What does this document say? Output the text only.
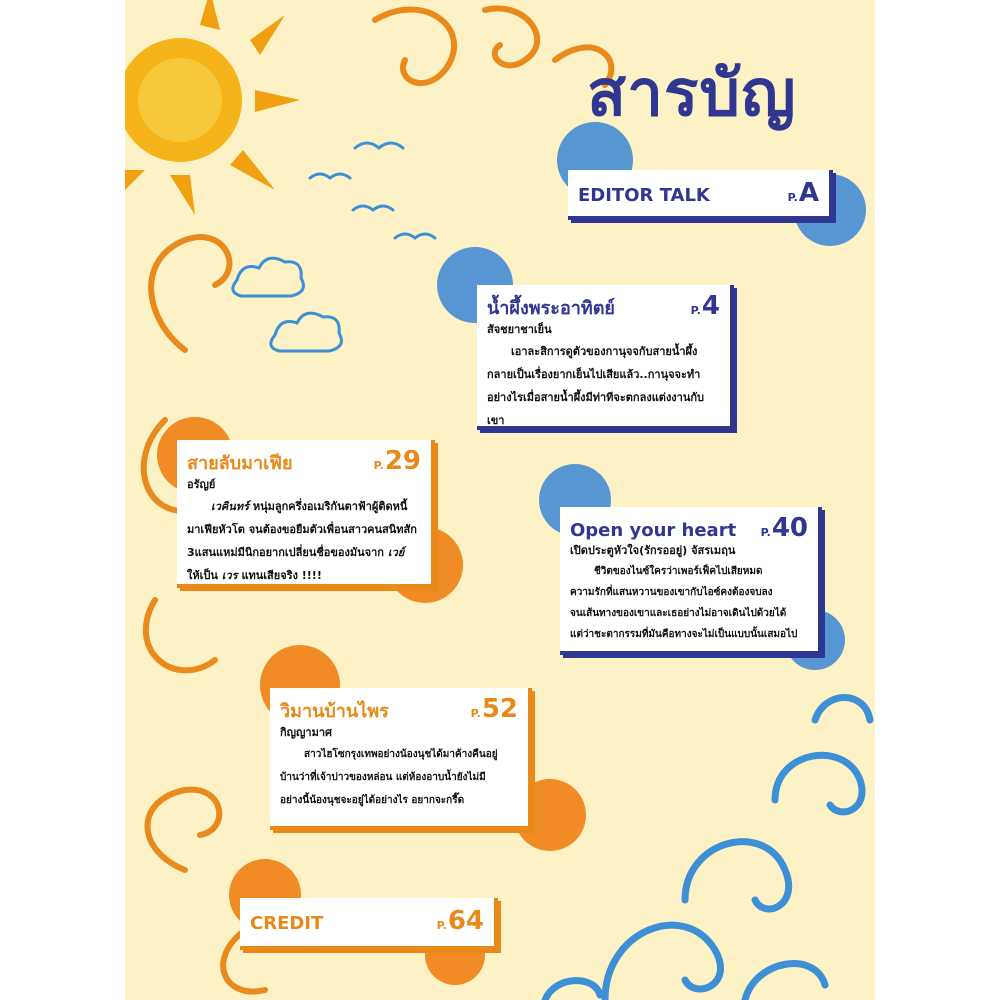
สารบัญ
EDITOR TALK	P.A
น้ำผึ้งพระอาทิตย์	P.4
สัจชยาชาเย็น
เอาละสิการดูตัวของกานุจจกับสายน้ำผึ้ง
กลายเป็นเรื่องยากเย็นไปเสียแล้ว..กานุจจะทำ
อย่างไรเมื่อสายน้ำผึ้งมีท่าทีจะตกลงแต่งงานกับเขา
สายลับมาเฟีย	P.29
อรัญย์
เวคินทร์ หนุ่มลูกครึ่งอเมริกันตาฟ้าผู้ติดหนี้
มาเฟียหัวโต จนต้องขอยืมตัวเพื่อนสาวคนสนิทสัก
3แสนแหม่มีนิกอยากเปลี่ยนชื่อของมันจาก เวย์
ให้เป็น เวร แทนเสียจริง !!!!
Open your heart P.40
เปิดประตูหัวใจ(รักรออยู่) จัสรเมฤน
ชีวิตของไนซ์ใครว่าเพอร์เฟ็คไปเสียหมด
ความรักที่แสนหวานของเขากับไอซ์คงต้องจบลง
จนเส้นทางของเขาและเธอย่างไม่อาจเดินไปด้วยได้
แต่ว่าชะตากรรมที่มันคือทางจะไม่เป็นแบบนั้นเสมอไป
วิมานบ้านไพร	P.52
กิญญามาศ
สาวไฮโซกรุงเทพอย่างน้องนุชได้มาค้างคืนอยู่
บ้านว่าที่เจ้าบ่าวของหล่อน แต่ห้องอาบน้ำยังไม่มี
อย่างนี้น้องนุชจะอยู่ได้อย่างไร อยากจะกรี๊ด
CREDIT	P.64
